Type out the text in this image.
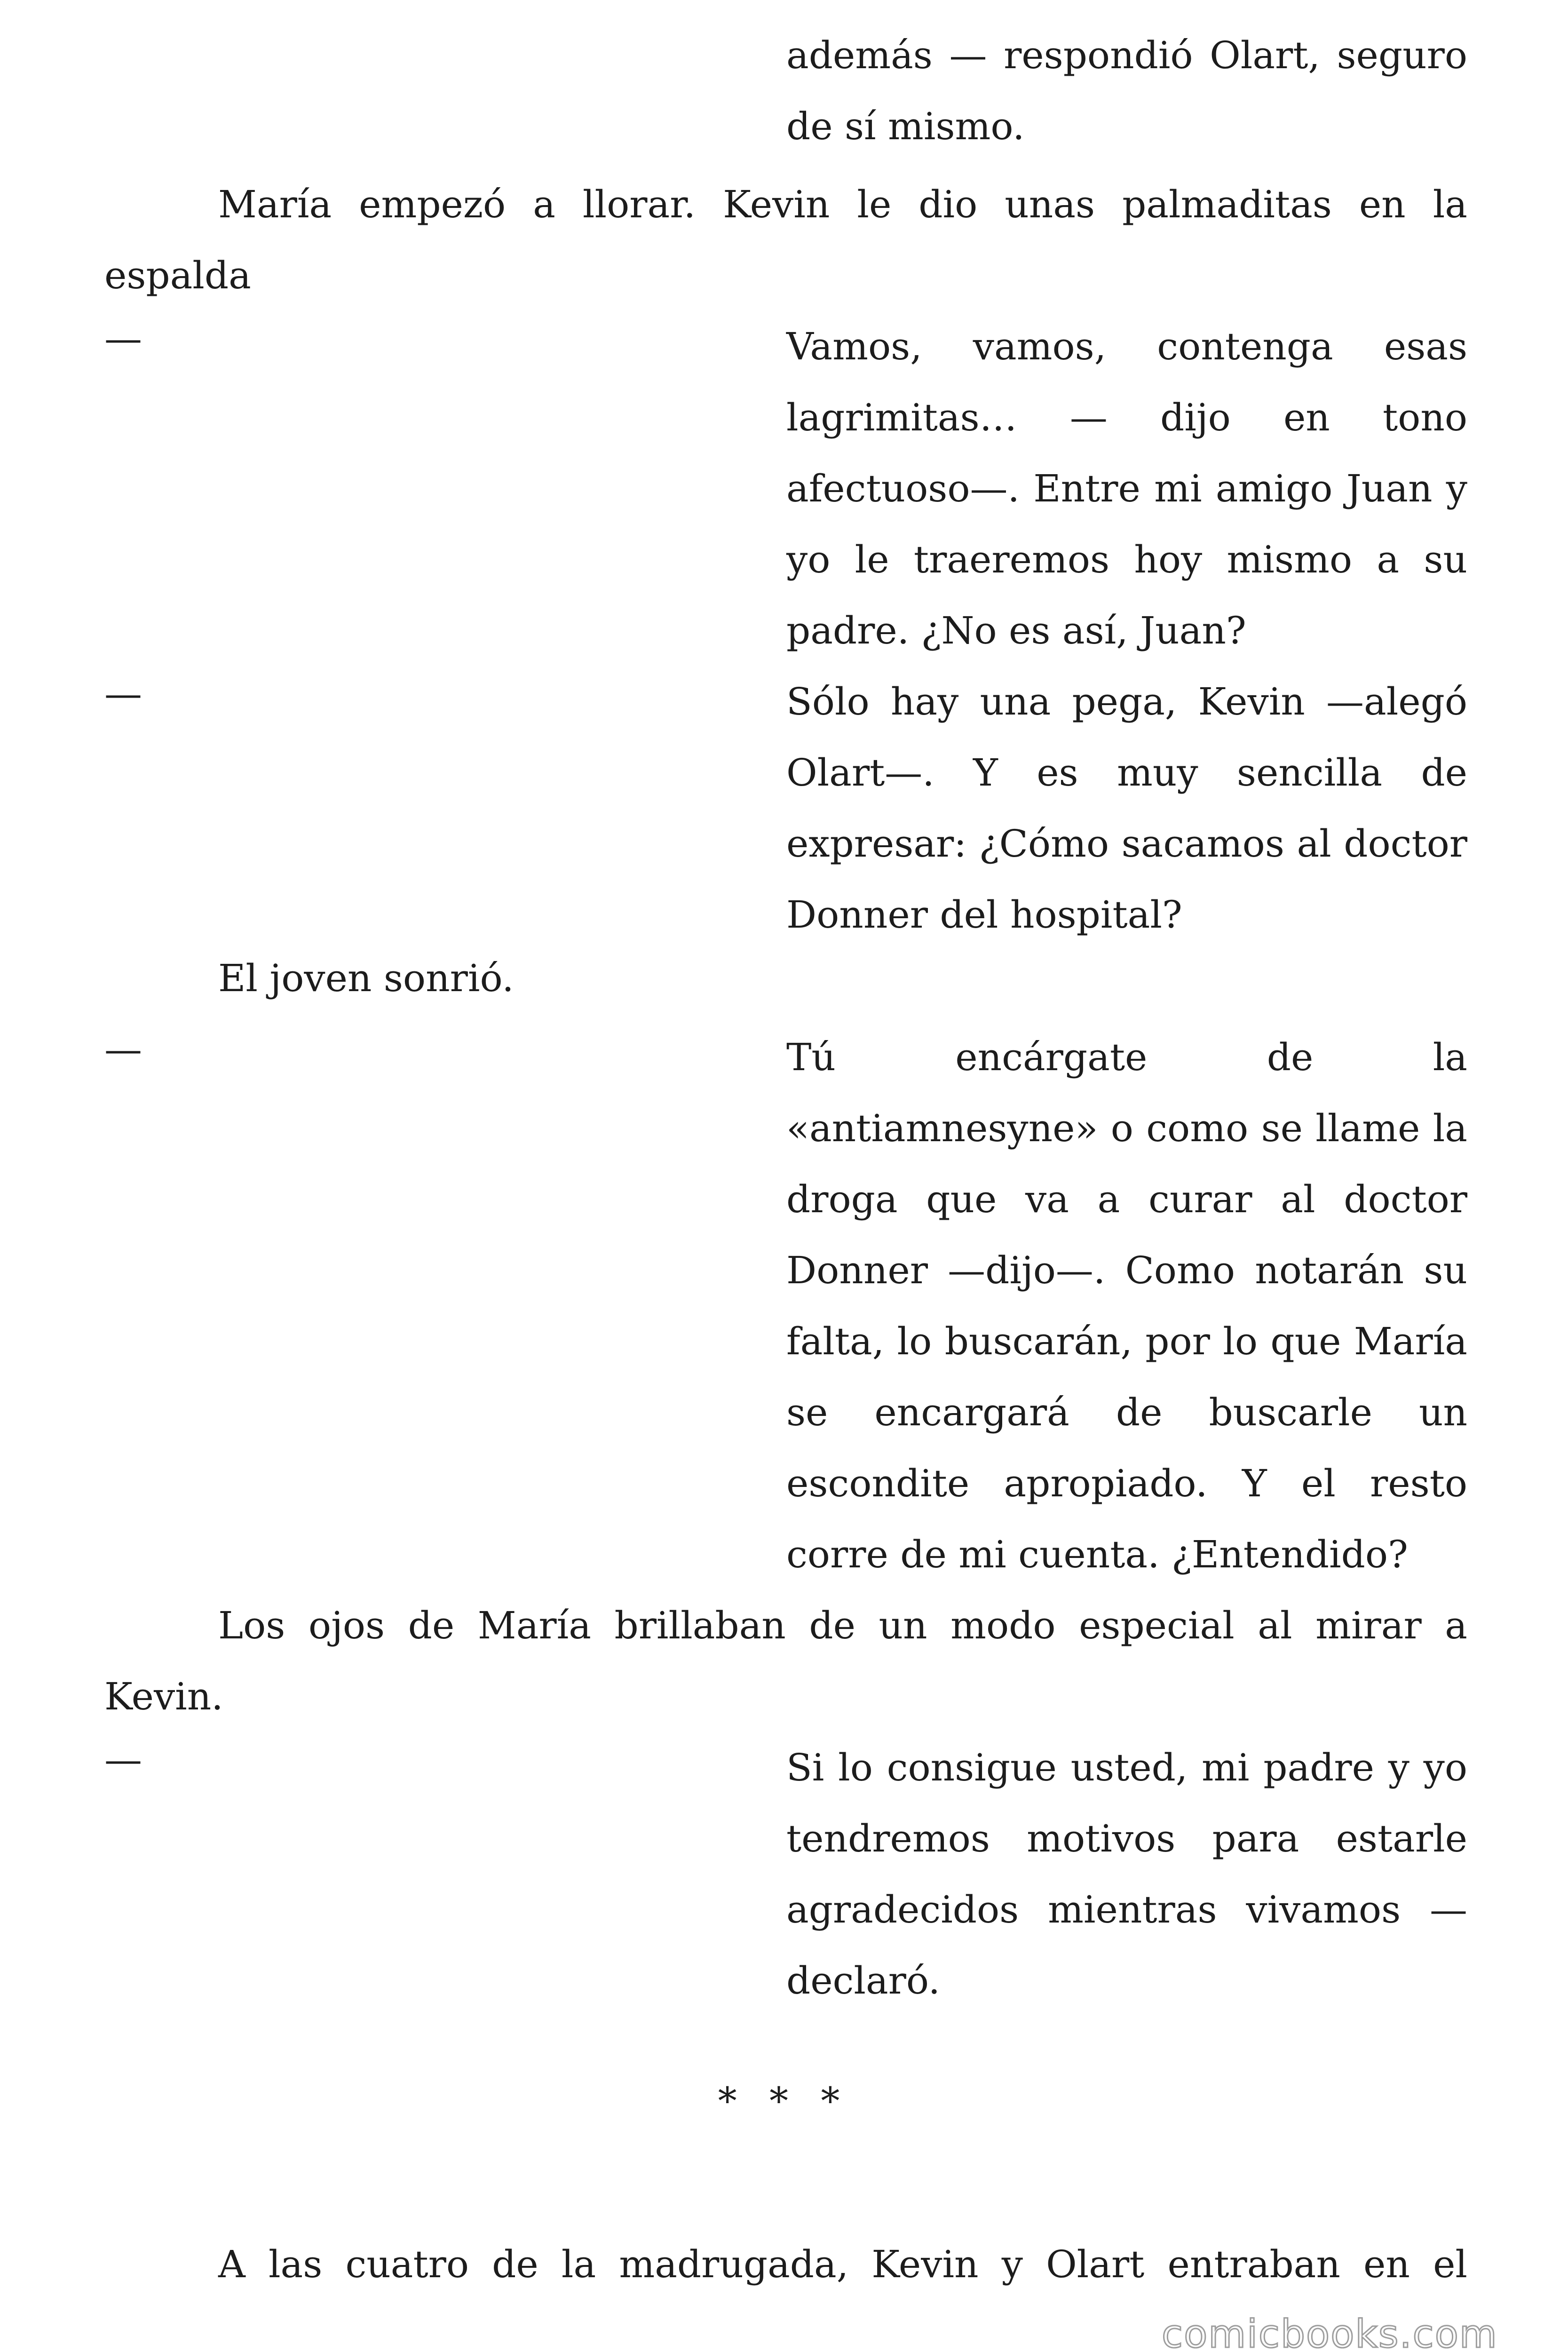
además — respondió Olart, seguro
de sí mismo.
María empezó a llorar. Kevin le dio unas palmaditas en la espalda
—	Vamos, vamos, contenga esas lagrimitas… — dijo en tono afectuoso—. Entre mi amigo Juan y yo le traeremos hoy mismo a su padre. ¿No es así, Juan?
—	Sólo hay una pega, Kevin —alegó Olart—. Y es muy sencilla de expresar: ¿Cómo sacamos al doctor Donner del hospital?
El joven sonrió.
—	Tú encárgate de la «antiamnesyne» o como se llame la droga que va a curar al doctor Donner —dijo—. Como notarán su falta, lo buscarán, por lo que María se encargará de buscarle un escondite apropiado. Y el resto corre de mi cuenta. ¿Entendido?
Los ojos de María brillaban de un modo especial al mirar a Kevin.
—	Si lo consigue usted, mi padre y yo tendremos motivos para estarle agradecidos mientras vivamos — declaró.
* * *
A las cuatro de la madrugada, Kevin y Olart entraban en el
comicbooks.com
